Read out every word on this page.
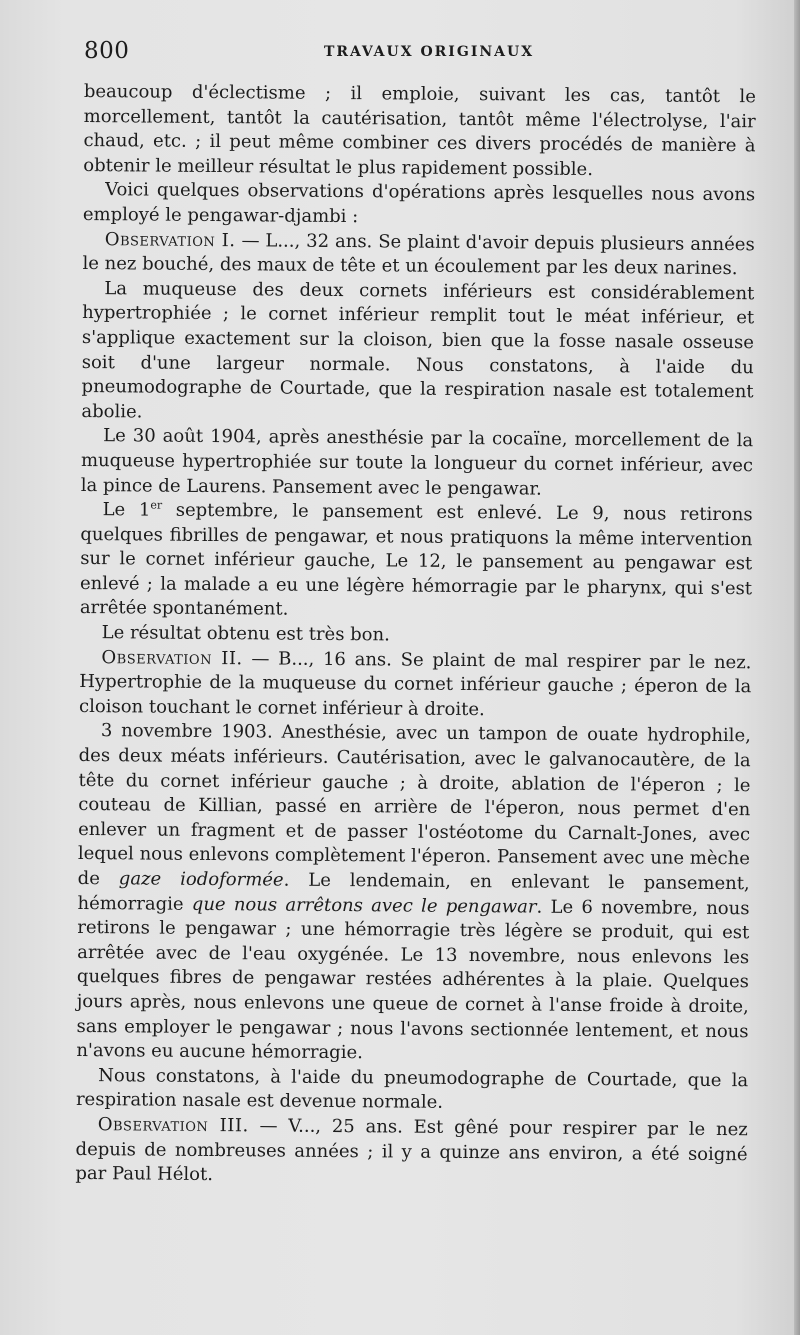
800	TRAVAUX ORIGINAUX

beaucoup d'éclectisme ; il emploie, suivant les cas, tantôt le morcellement, tantôt la cautérisation, tantôt même l'électrolyse, l'air chaud, etc. ; il peut même combiner ces divers procédés de manière à obtenir le meilleur résultat le plus rapidement possible.

Voici quelques observations d'opérations après lesquelles nous avons employé le pengawar-djambi :

Observation I. — L..., 32 ans. Se plaint d'avoir depuis plusieurs années le nez bouché, des maux de tête et un écoulement par les deux narines.

La muqueuse des deux cornets inférieurs est considérablement hypertrophiée ; le cornet inférieur remplit tout le méat inférieur, et s'applique exactement sur la cloison, bien que la fosse nasale osseuse soit d'une largeur normale. Nous constatons, à l'aide du pneumodographe de Courtade, que la respiration nasale est totalement abolie.

Le 30 août 1904, après anesthésie par la cocaïne, morcellement de la muqueuse hypertrophiée sur toute la longueur du cornet inférieur, avec la pince de Laurens. Pansement avec le pengawar.

Le 1er septembre, le pansement est enlevé. Le 9, nous retirons quelques fibrilles de pengawar, et nous pratiquons la même intervention sur le cornet inférieur gauche, Le 12, le pansement au pengawar est enlevé ; la malade a eu une légère hémorragie par le pharynx, qui s'est arrêtée spontanément.

Le résultat obtenu est très bon.

Observation II. — B..., 16 ans. Se plaint de mal respirer par le nez. Hypertrophie de la muqueuse du cornet inférieur gauche ; éperon de la cloison touchant le cornet inférieur à droite.

3 novembre 1903. Anesthésie, avec un tampon de ouate hydrophile, des deux méats inférieurs. Cautérisation, avec le galvanocautère, de la tête du cornet inférieur gauche ; à droite, ablation de l'éperon ; le couteau de Killian, passé en arrière de l'éperon, nous permet d'en enlever un fragment et de passer l'ostéotome du Carnalt-Jones, avec lequel nous enlevons complètement l'éperon. Pansement avec une mèche de gaze iodoformée. Le lendemain, en enlevant le pansement, hémorragie que nous arrêtons avec le pengawar. Le 6 novembre, nous retirons le pengawar ; une hémorragie très légère se produit, qui est arrêtée avec de l'eau oxygénée. Le 13 novembre, nous enlevons les quelques fibres de pengawar restées adhérentes à la plaie. Quelques jours après, nous enlevons une queue de cornet à l'anse froide à droite, sans employer le pengawar ; nous l'avons sectionnée lentement, et nous n'avons eu aucune hémorragie.

Nous constatons, à l'aide du pneumodographe de Courtade, que la respiration nasale est devenue normale.

Observation III. — V..., 25 ans. Est gêné pour respirer par le nez depuis de nombreuses années ; il y a quinze ans environ, a été soigné par Paul Hélot.
